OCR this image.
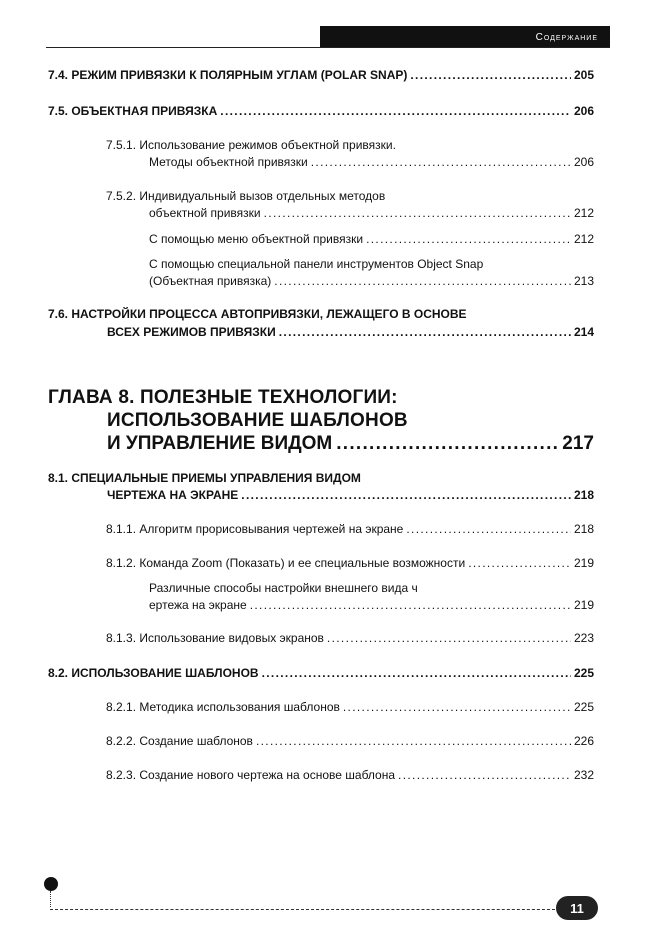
Содержание
7.4. РЕЖИМ ПРИВЯЗКИ К ПОЛЯРНЫМ УГЛАМ (POLAR SNAP) . . .	205
7.5. ОБЪЕКТНАЯ ПРИВЯЗКА . . .	206
7.5.1. Использование режимов объектной привязки.
Методы объектной привязки . . .	206
7.5.2. Индивидуальный вызов отдельных методов
объектной привязки . . .	212
С помощью меню объектной привязки . . .	212
С помощью специальной панели инструментов Object Snap
(Объектная привязка) . . .	213
7.6. НАСТРОЙКИ ПРОЦЕССА АВТОПРИВЯЗКИ, ЛЕЖАЩЕГО В ОСНОВЕ
ВСЕХ РЕЖИМОВ ПРИВЯЗКИ . . .	214
ГЛАВА 8. ПОЛЕЗНЫЕ ТЕХНОЛОГИИ:
ИСПОЛЬЗОВАНИЕ ШАБЛОНОВ
И УПРАВЛЕНИЕ ВИДОМ . . .	217
8.1. СПЕЦИАЛЬНЫЕ ПРИЕМЫ УПРАВЛЕНИЯ ВИДОМ
ЧЕРТЕЖА НА ЭКРАНЕ . . .	218
8.1.1. Алгоритм прорисовывания чертежей на экране . . .	218
8.1.2. Команда Zoom (Показать) и ее специальные возможности . . .	219
Различные способы настройки внешнего вида ч
ертежа на экране . . .	219
8.1.3. Использование видовых экранов . . .	223
8.2. ИСПОЛЬЗОВАНИЕ ШАБЛОНОВ . . .	225
8.2.1. Методика использования шаблонов . . .	225
8.2.2. Создание шаблонов . . .	226
8.2.3. Создание нового чертежа на основе шаблона . . .	232
11
